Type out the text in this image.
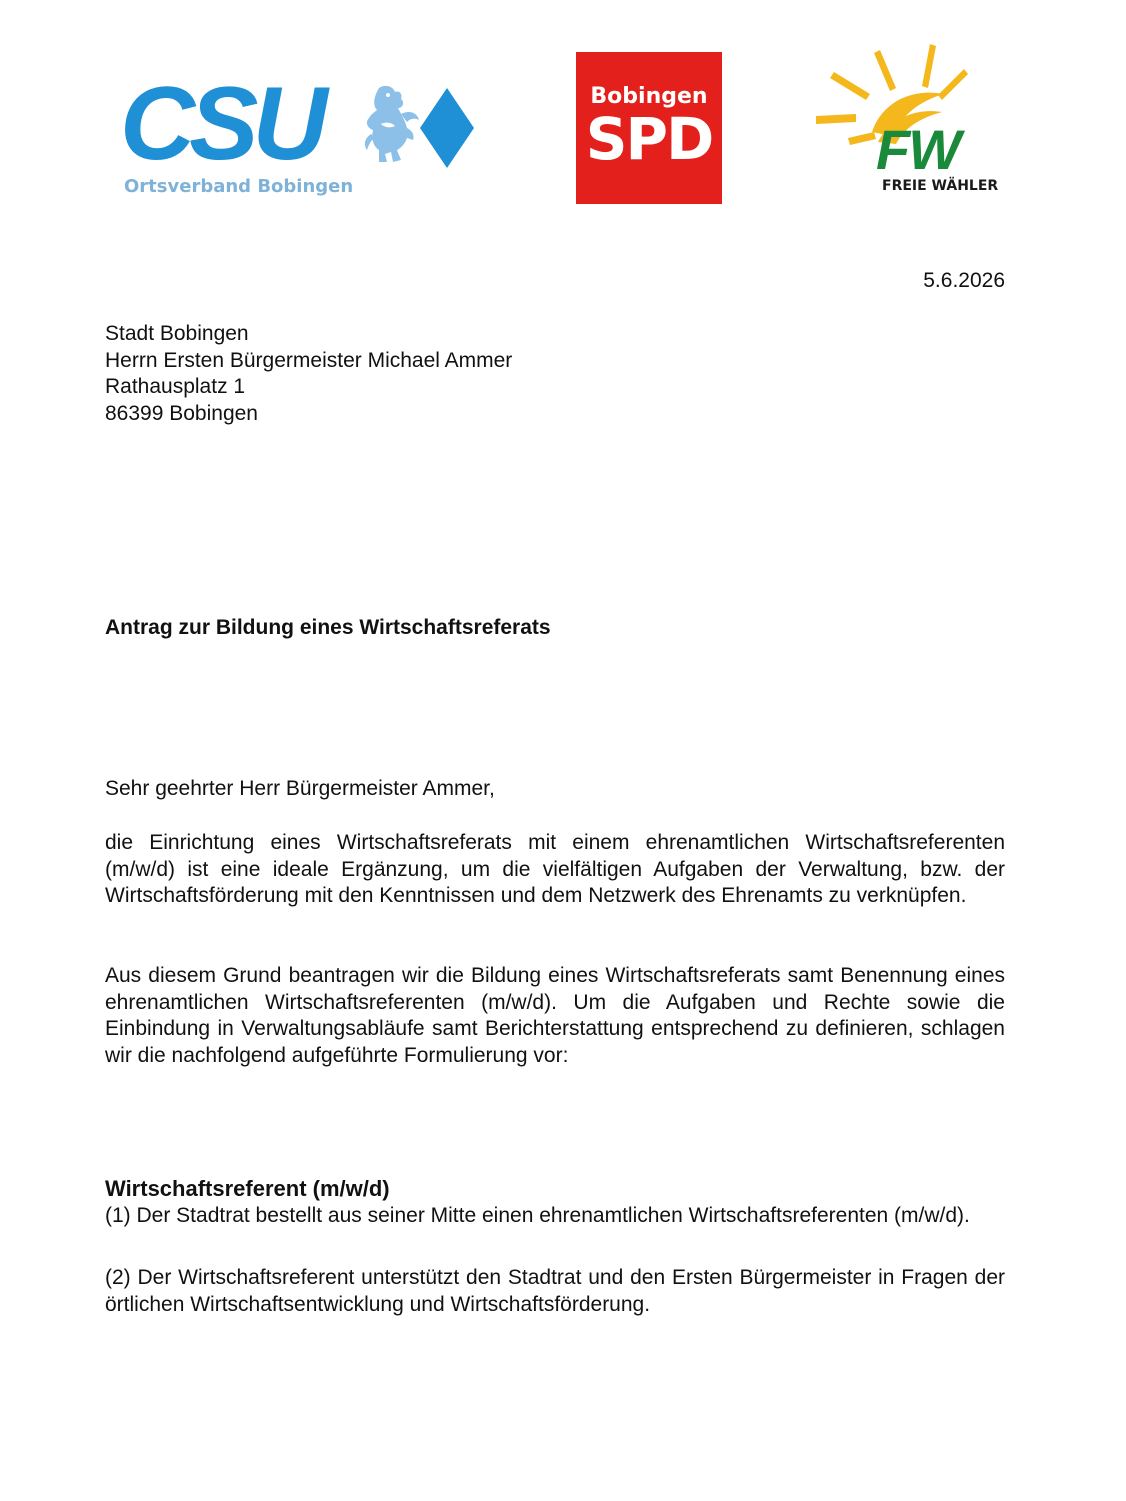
CSU
Ortsverband Bobingen
Bobingen
SPD	FW
FREIE WÄHLER
5.6.2026
Stadt Bobingen
Herrn Ersten Bürgermeister Michael Ammer
Rathausplatz 1
86399 Bobingen
Antrag zur Bildung eines Wirtschaftsreferats
Sehr geehrter Herr Bürgermeister Ammer,
die Einrichtung eines Wirtschaftsreferats mit einem ehrenamtlichen Wirtschaftsreferenten (m/w/d) ist eine ideale Ergänzung, um die vielfältigen Aufgaben der Verwaltung, bzw. der Wirtschaftsförderung mit den Kenntnissen und dem Netzwerk des Ehrenamts zu verknüpfen.
Aus diesem Grund beantragen wir die Bildung eines Wirtschaftsreferats samt Benennung eines ehrenamtlichen Wirtschaftsreferenten (m/w/d). Um die Aufgaben und Rechte sowie die Einbindung in Verwaltungsabläufe samt Berichterstattung entsprechend zu definieren, schlagen wir die nachfolgend aufgeführte Formulierung vor:
Wirtschaftsreferent (m/w/d)
(1) Der Stadtrat bestellt aus seiner Mitte einen ehrenamtlichen Wirtschaftsreferenten (m/w/d).
(2) Der Wirtschaftsreferent unterstützt den Stadtrat und den Ersten Bürgermeister in Fragen der örtlichen Wirtschaftsentwicklung und Wirtschaftsförderung.
